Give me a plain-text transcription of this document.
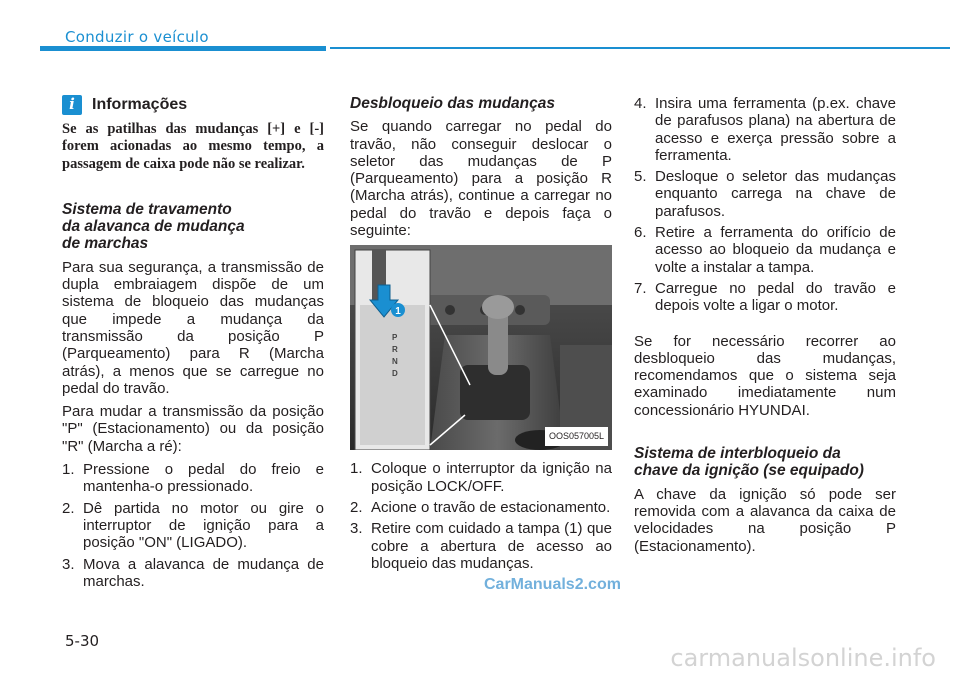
Conduzir o veículo
i	Informações

Se as patilhas das mudanças [+] e [-] forem acionadas ao mesmo tempo, a passagem de caixa pode não se realizar.

Sistema de travamento
da alavanca de mudança
de marchas

Para sua segurança, a transmissão de dupla embraiagem dispõe de um sistema de bloqueio das mudanças que impede a mudança da transmissão da posição P (Parqueamento) para R (Marcha atrás), a menos que se carregue no pedal do travão.

Para mudar a transmissão da posição "P" (Estacionamento) ou da posição "R" (Marcha a ré):

1. Pressione o pedal do freio e mantenha-o pressionado.
2. Dê partida no motor ou gire o interruptor de ignição para a posição "ON" (LIGADO).
3. Mova a alavanca de mudança de marchas.
Desbloqueio das mudanças

Se quando carregar no pedal do travão, não conseguir deslocar o seletor das mudanças de P (Parqueamento) para a posição R (Marcha atrás), continue a carregar no pedal do travão e depois faça o seguinte:

1
P
R
N
D
OOS057005L
1. Coloque o interruptor da ignição na posição LOCK/OFF.
2. Acione o travão de estacionamento.
3. Retire com cuidado a tampa (1) que cobre a abertura de acesso ao bloqueio das mudanças.
4. Insira uma ferramenta (p.ex. chave de parafusos plana) na abertura de acesso e exerça pressão sobre a ferramenta.
5. Desloque o seletor das mudanças enquanto carrega na chave de parafusos.
6. Retire a ferramenta do orifício de acesso ao bloqueio da mudança e volte a instalar a tampa.
7. Carregue no pedal do travão e depois volte a ligar o motor.

Se for necessário recorrer ao desbloqueio das mudanças, recomendamos que o sistema seja examinado imediatamente num concessionário HYUNDAI.

Sistema de interbloqueio da
chave da ignição (se equipado)

A chave da ignição só pode ser removida com a alavanca da caixa de velocidades na posição P (Estacionamento).

CarManuals2.com
5-30
carmanualsonline.info
